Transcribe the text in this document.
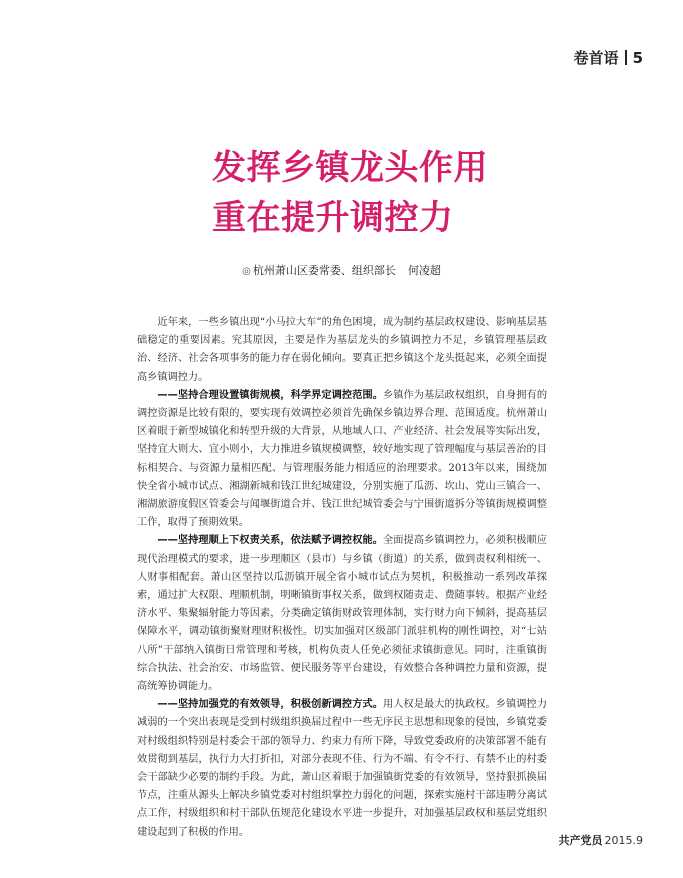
卷首语 5
发挥乡镇龙头作用
重在提升调控力
◎ 杭州萧山区委常委、组织部长 何凌超

近年来，一些乡镇出现“小马拉大车”的角色困境，成为制约基层政权建设、影响基层基础稳定的重要因素。究其原因，主要是作为基层龙头的乡镇调控力不足，乡镇管理基层政治、经济、社会各项事务的能力存在弱化倾向。要真正把乡镇这个龙头挺起来，必须全面提高乡镇调控力。

——坚持合理设置镇街规模，科学界定调控范围。乡镇作为基层政权组织，自身拥有的调控资源是比较有限的，要实现有效调控必须首先确保乡镇边界合理、范围适度。杭州萧山区着眼于新型城镇化和转型升级的大背景，从地域人口、产业经济、社会发展等实际出发，坚持宜大则大、宜小则小，大力推进乡镇规模调整，较好地实现了管理幅度与基层善治的目标相契合、与资源力量相匹配、与管理服务能力相适应的治理要求。2013年以来，围绕加快全省小城市试点、湘湖新城和钱江世纪城建设，分别实施了瓜沥、坎山、党山三镇合一、湘湖旅游度假区管委会与闻堰街道合并、钱江世纪城管委会与宁围街道拆分等镇街规模调整工作，取得了预期效果。

——坚持理顺上下权责关系，依法赋予调控权能。全面提高乡镇调控力，必须积极顺应现代治理模式的要求，进一步理顺区（县市）与乡镇（街道）的关系，做到责权利相统一、人财事相配套。萧山区坚持以瓜沥镇开展全省小城市试点为契机，积极推动一系列改革探索，通过扩大权限、理顺机制，明晰镇街事权关系，做到权随责走、费随事转。根据产业经济水平、集聚辐射能力等因素，分类确定镇街财政管理体制，实行财力向下倾斜，提高基层保障水平，调动镇街聚财理财积极性。切实加强对区级部门派驻机构的刚性调控，对“七站八所”干部纳入镇街日常管理和考核，机构负责人任免必须征求镇街意见。同时，注重镇街综合执法、社会治安、市场监管、便民服务等平台建设，有效整合各种调控力量和资源，提高统筹协调能力。

——坚持加强党的有效领导，积极创新调控方式。用人权是最大的执政权。乡镇调控力减弱的一个突出表现是受到村级组织换届过程中一些无序民主思想和现象的侵蚀，乡镇党委对村级组织特别是村委会干部的领导力、约束力有所下降，导致党委政府的决策部署不能有效贯彻到基层，执行力大打折扣，对部分表现不佳、行为不端、有令不行、有禁不止的村委会干部缺少必要的制约手段。为此，萧山区着眼于加强镇街党委的有效领导，坚持狠抓换届节点，注重从源头上解决乡镇党委对村组织掌控力弱化的问题，探索实施村干部违聘分离试点工作，村级组织和村干部队伍规范化建设水平进一步提升，对加强基层政权和基层党组织建设起到了积极的作用。

共产党员 2015.9
